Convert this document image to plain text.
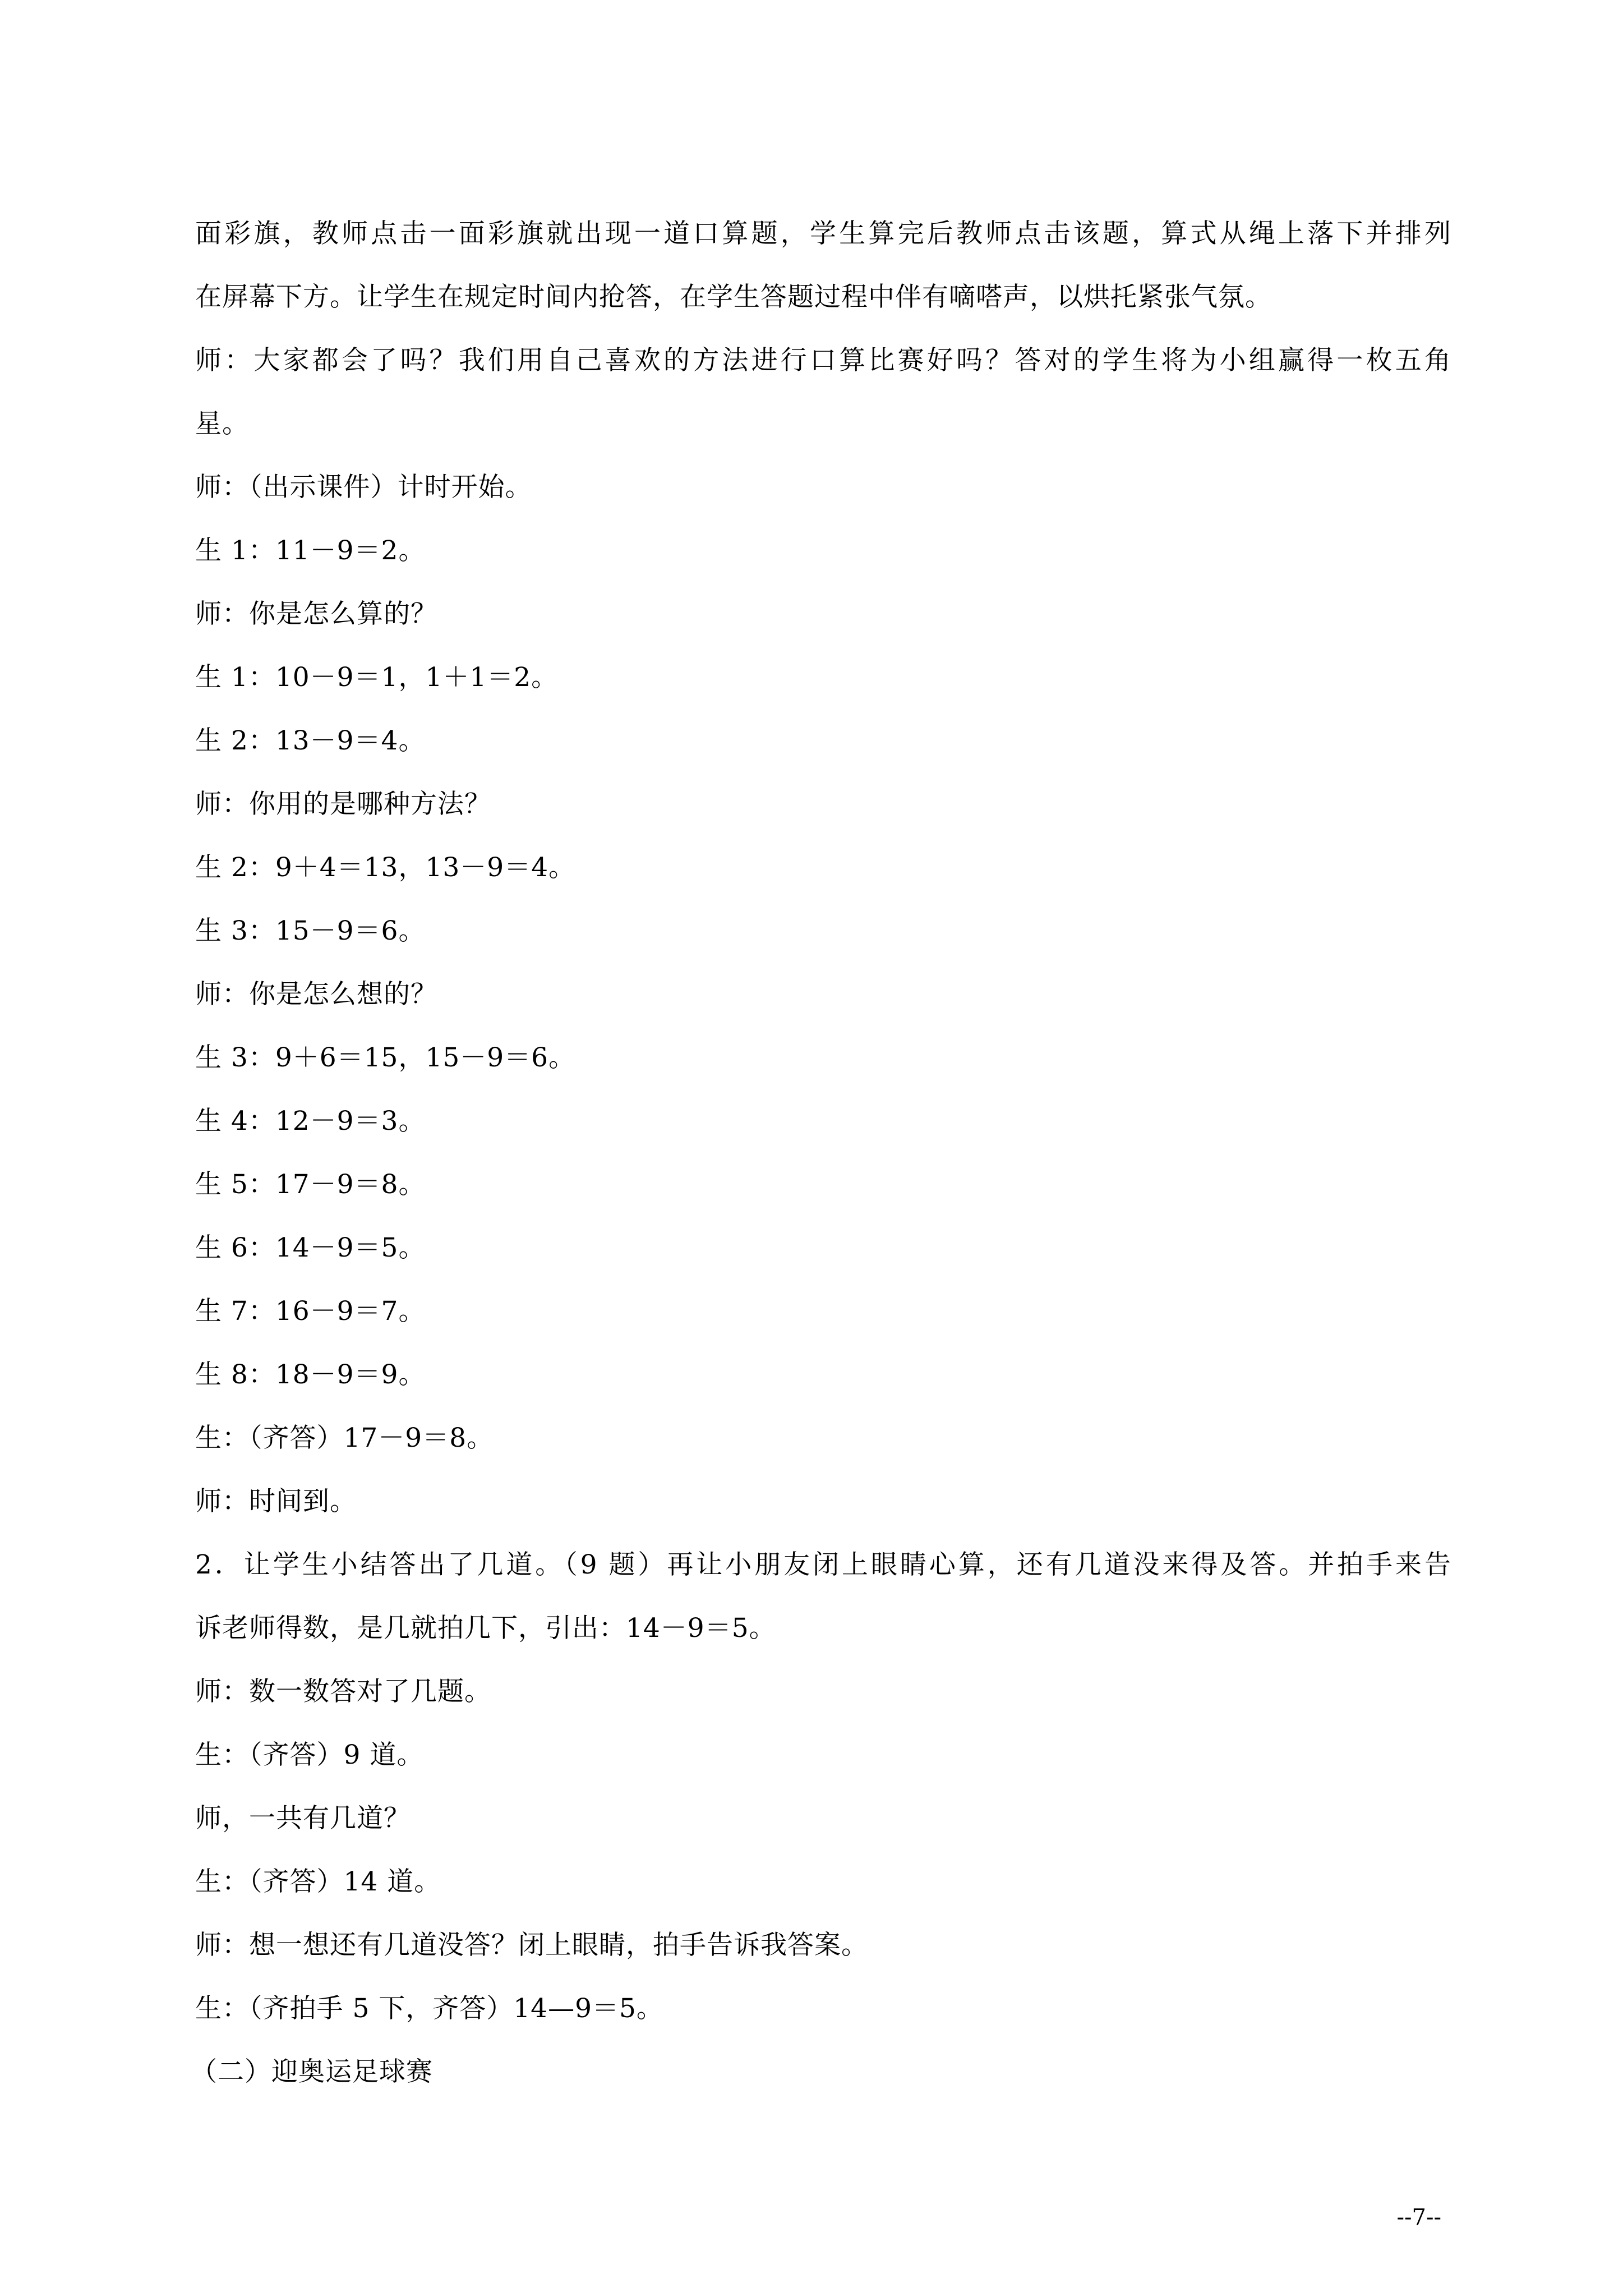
面彩旗，教师点击一面彩旗就出现一道口算题，学生算完后教师点击该题，算式从绳上落下并排列
在屏幕下方。让学生在规定时间内抢答，在学生答题过程中伴有嘀嗒声，以烘托紧张气氛。
师：大家都会了吗？我们用自己喜欢的方法进行口算比赛好吗？答对的学生将为小组赢得一枚五角
星。
师：（出示课件）计时开始。
生 1：11－9＝2。
师：你是怎么算的？
生 1：10－9＝1，1＋1＝2。
生 2：13－9＝4。
师：你用的是哪种方法？
生 2：9＋4＝13，13－9＝4。
生 3：15－9＝6。
师：你是怎么想的？
生 3：9＋6＝15，15－9＝6。
生 4：12－9＝3。
生 5：17－9＝8。
生 6：14－9＝5。
生 7：16－9＝7。
生 8：18－9＝9。
生：（齐答）17－9＝8。
师：时间到。
2．让学生小结答出了几道。（9 题）再让小朋友闭上眼睛心算，还有几道没来得及答。并拍手来告
诉老师得数，是几就拍几下，引出：14－9＝5。
师：数一数答对了几题。
生：（齐答）9 道。
师，一共有几道？
生：（齐答）14 道。
师：想一想还有几道没答？闭上眼睛，拍手告诉我答案。
生：（齐拍手 5 下，齐答）14—9＝5。
（二）迎奥运足球赛
--7--
